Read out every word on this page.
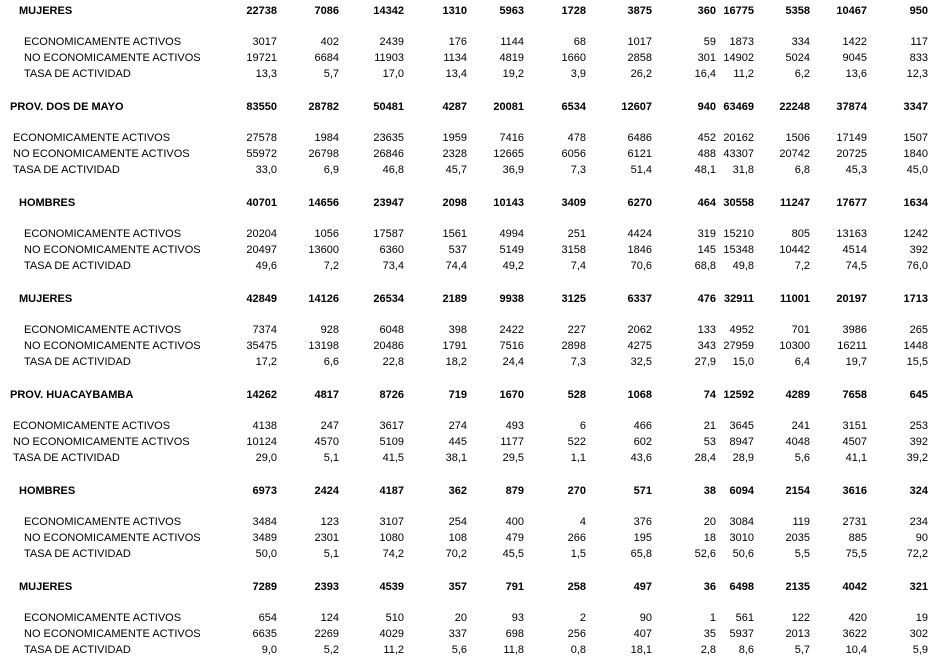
MUJERES	22738	7086	14342	1310	5963	1728	3875	360	16775	5358	10467	950

ECONOMICAMENTE ACTIVOS	3017	402	2439	176	1144	68	1017	59	1873	334	1422	117
NO ECONOMICAMENTE ACTIVOS	19721	6684	11903	1134	4819	1660	2858	301	14902	5024	9045	833
TASA DE ACTIVIDAD	13,3	5,7	17,0	13,4	19,2	3,9	26,2	16,4	11,2	6,2	13,6	12,3

PROV. DOS DE MAYO	83550	28782	50481	4287	20081	6534	12607	940	63469	22248	37874	3347

ECONOMICAMENTE ACTIVOS	27578	1984	23635	1959	7416	478	6486	452	20162	1506	17149	1507
NO ECONOMICAMENTE ACTIVOS	55972	26798	26846	2328	12665	6056	6121	488	43307	20742	20725	1840
TASA DE ACTIVIDAD	33,0	6,9	46,8	45,7	36,9	7,3	51,4	48,1	31,8	6,8	45,3	45,0

HOMBRES	40701	14656	23947	2098	10143	3409	6270	464	30558	11247	17677	1634

ECONOMICAMENTE ACTIVOS	20204	1056	17587	1561	4994	251	4424	319	15210	805	13163	1242
NO ECONOMICAMENTE ACTIVOS	20497	13600	6360	537	5149	3158	1846	145	15348	10442	4514	392
TASA DE ACTIVIDAD	49,6	7,2	73,4	74,4	49,2	7,4	70,6	68,8	49,8	7,2	74,5	76,0

MUJERES	42849	14126	26534	2189	9938	3125	6337	476	32911	11001	20197	1713

ECONOMICAMENTE ACTIVOS	7374	928	6048	398	2422	227	2062	133	4952	701	3986	265
NO ECONOMICAMENTE ACTIVOS	35475	13198	20486	1791	7516	2898	4275	343	27959	10300	16211	1448
TASA DE ACTIVIDAD	17,2	6,6	22,8	18,2	24,4	7,3	32,5	27,9	15,0	6,4	19,7	15,5

PROV. HUACAYBAMBA	14262	4817	8726	719	1670	528	1068	74	12592	4289	7658	645

ECONOMICAMENTE ACTIVOS	4138	247	3617	274	493	6	466	21	3645	241	3151	253
NO ECONOMICAMENTE ACTIVOS	10124	4570	5109	445	1177	522	602	53	8947	4048	4507	392
TASA DE ACTIVIDAD	29,0	5,1	41,5	38,1	29,5	1,1	43,6	28,4	28,9	5,6	41,1	39,2

HOMBRES	6973	2424	4187	362	879	270	571	38	6094	2154	3616	324

ECONOMICAMENTE ACTIVOS	3484	123	3107	254	400	4	376	20	3084	119	2731	234
NO ECONOMICAMENTE ACTIVOS	3489	2301	1080	108	479	266	195	18	3010	2035	885	90
TASA DE ACTIVIDAD	50,0	5,1	74,2	70,2	45,5	1,5	65,8	52,6	50,6	5,5	75,5	72,2

MUJERES	7289	2393	4539	357	791	258	497	36	6498	2135	4042	321

ECONOMICAMENTE ACTIVOS	654	124	510	20	93	2	90	1	561	122	420	19
NO ECONOMICAMENTE ACTIVOS	6635	2269	4029	337	698	256	407	35	5937	2013	3622	302
TASA DE ACTIVIDAD	9,0	5,2	11,2	5,6	11,8	0,8	18,1	2,8	8,6	5,7	10,4	5,9
